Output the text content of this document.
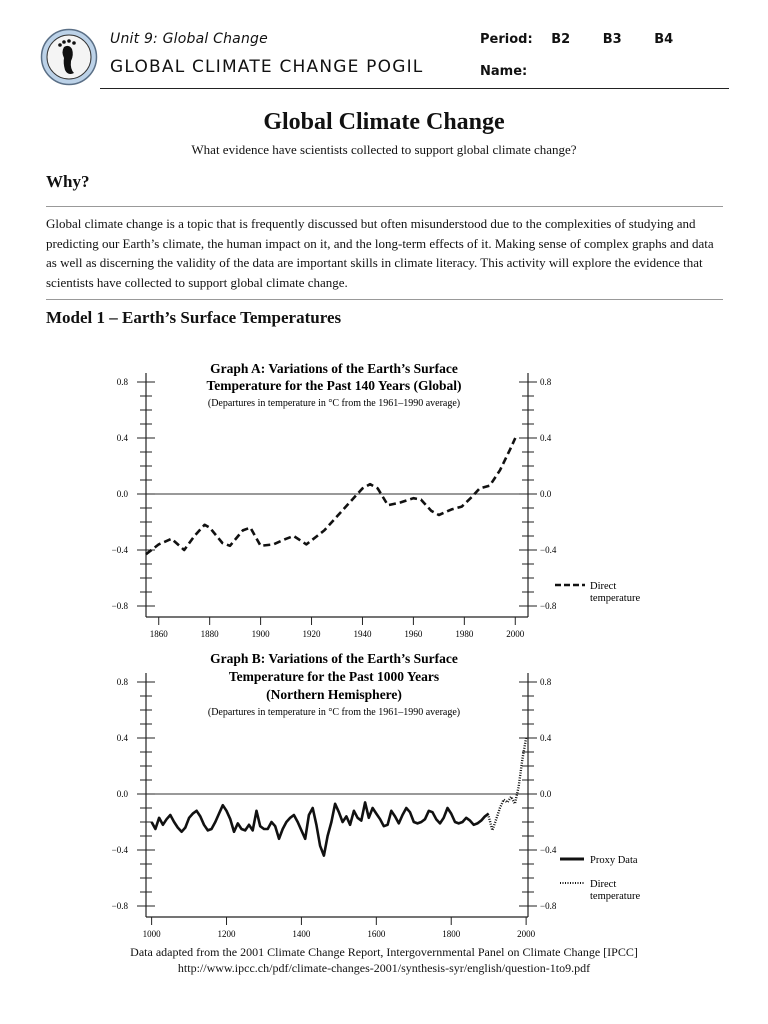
Unit 9: Global Change
GLOBAL CLIMATE CHANGE POGIL
Period: B2	B3	B4
Name:
Global Climate Change
What evidence have scientists collected to support global climate change?
Why?
Global climate change is a topic that is frequently discussed but often misunderstood due to the complexities of studying and predicting our Earth’s climate, the human impact on it, and the long-term effects of it. Making sense of complex graphs and data as well as discerning the validity of the data are important skills in climate literacy. This activity will explore the evidence that scientists have collected to support global climate change.
Model 1 – Earth’s Surface Temperatures
Graph A: Variations of the Earth’s Surface
Temperature for the Past 140 Years (Global)
(Departures in temperature in °C from the 1961–1990 average)
0.8	0.8
0.4	0.4
0.0	0.0
−0.4	−0.4
−0.8	−0.8
1860	1880	1900	1920	1940	1960	1980	2000
Direct
temperature
Graph B: Variations of the Earth’s Surface
Temperature for the Past 1000 Years
(Northern Hemisphere)
(Departures in temperature in °C from the 1961–1990 average)
0.8	0.8
0.4	0.4
0.0	0.0
−0.4	−0.4
−0.8	−0.8
1000	1200	1400	1600	1800	2000
Proxy Data
Direct
temperature
Data adapted from the 2001 Climate Change Report, Intergovernmental Panel on Climate Change [IPCC]
http://www.ipcc.ch/pdf/climate-changes-2001/synthesis-syr/english/question-1to9.pdf
